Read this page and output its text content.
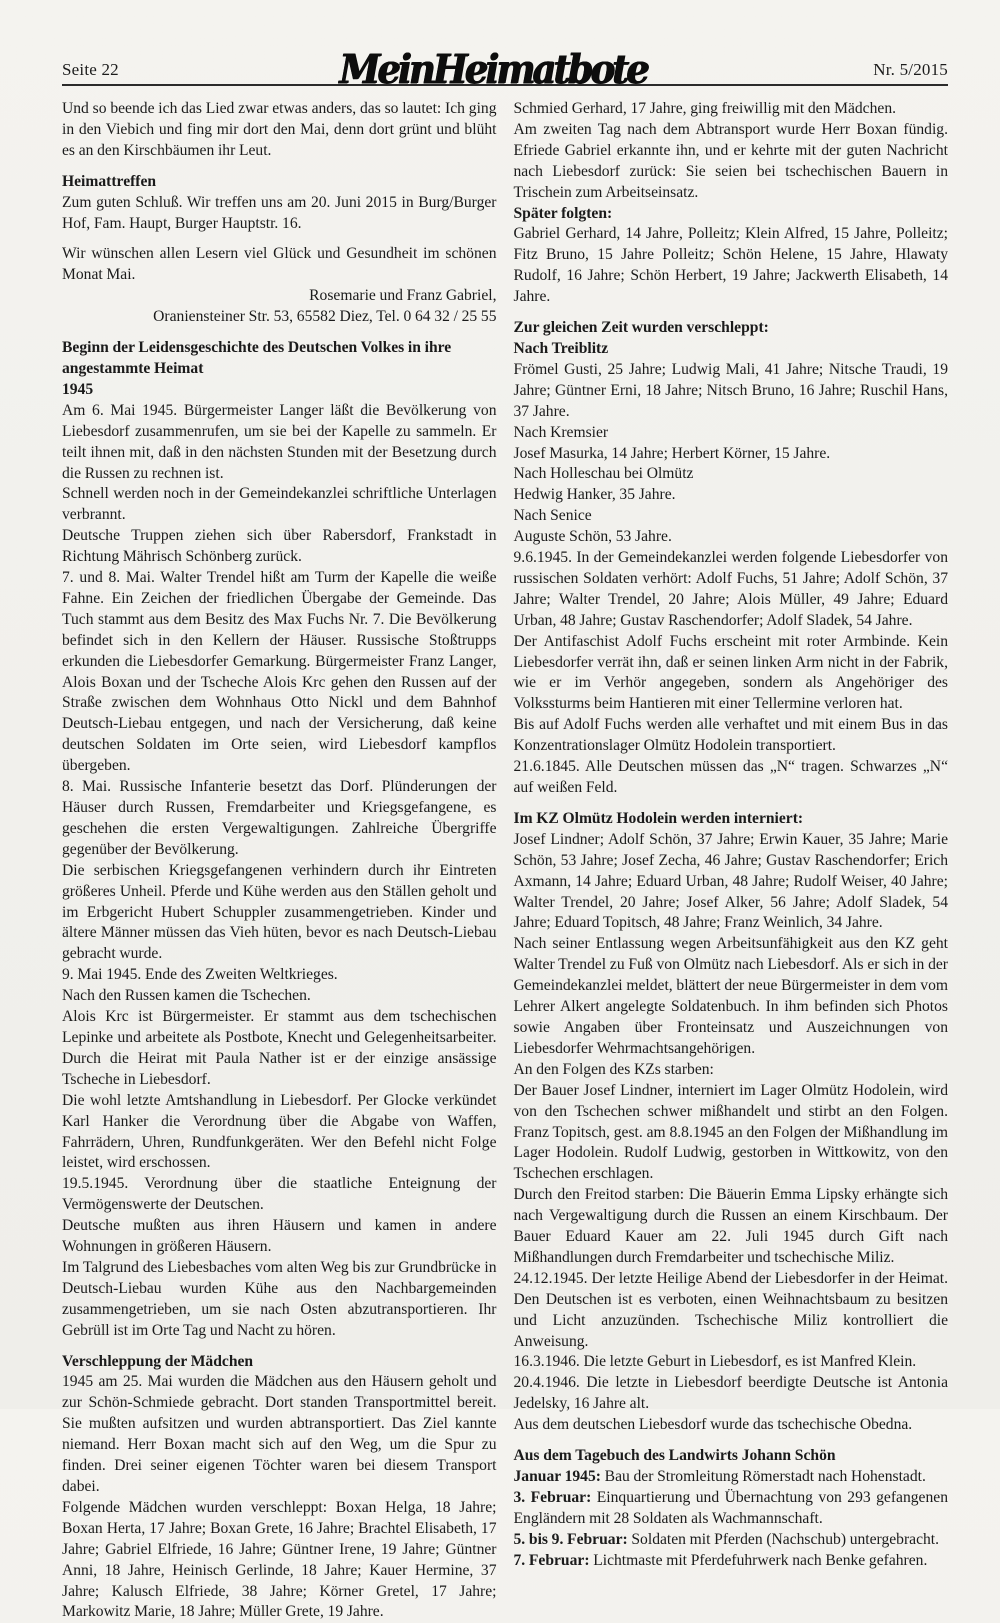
Seite 22	MeinHeimatbote	Nr. 5/2015

Und so beende ich das Lied zwar etwas anders, das so lautet: Ich ging in den Viebich und fing mir dort den Mai, denn dort grünt und blüht es an den Kirschbäumen ihr Leut.

Heimattreffen

Zum guten Schluß. Wir treffen uns am 20. Juni 2015 in Burg/Burger Hof, Fam. Haupt, Burger Hauptstr. 16.

Wir wünschen allen Lesern viel Glück und Gesundheit im schönen Monat Mai.

Rosemarie und Franz Gabriel,
Oraniensteiner Str. 53, 65582 Diez, Tel. 0 64 32 / 25 55

Beginn der Leidensgeschichte des Deutschen Volkes in ihre angestammte Heimat
1945

Am 6. Mai 1945. Bürgermeister Langer läßt die Bevölkerung von Liebesdorf zusammenrufen, um sie bei der Kapelle zu sammeln. Er teilt ihnen mit, daß in den nächsten Stunden mit der Besetzung durch die Russen zu rechnen ist.

Schnell werden noch in der Gemeindekanzlei schriftliche Unterlagen verbrannt.

Deutsche Truppen ziehen sich über Rabersdorf, Frankstadt in Richtung Mährisch Schönberg zurück.

7. und 8. Mai. Walter Trendel hißt am Turm der Kapelle die weiße Fahne. Ein Zeichen der friedlichen Übergabe der Gemeinde. Das Tuch stammt aus dem Besitz des Max Fuchs Nr. 7. Die Bevölkerung befindet sich in den Kellern der Häuser. Russische Stoßtrupps erkunden die Liebesdorfer Gemarkung. Bürgermeister Franz Langer, Alois Boxan und der Tscheche Alois Krc gehen den Russen auf der Straße zwischen dem Wohnhaus Otto Nickl und dem Bahnhof Deutsch-Liebau entgegen, und nach der Versicherung, daß keine deutschen Soldaten im Orte seien, wird Liebesdorf kampflos übergeben.

8. Mai. Russische Infanterie besetzt das Dorf. Plünderungen der Häuser durch Russen, Fremdarbeiter und Kriegsgefangene, es geschehen die ersten Vergewaltigungen. Zahlreiche Übergriffe gegenüber der Bevölkerung.

Die serbischen Kriegsgefangenen verhindern durch ihr Eintreten größeres Unheil. Pferde und Kühe werden aus den Ställen geholt und im Erbgericht Hubert Schuppler zusammengetrieben. Kinder und ältere Männer müssen das Vieh hüten, bevor es nach Deutsch-Liebau gebracht wurde.

9. Mai 1945. Ende des Zweiten Weltkrieges.

Nach den Russen kamen die Tschechen.

Alois Krc ist Bürgermeister. Er stammt aus dem tschechischen Lepinke und arbeitete als Postbote, Knecht und Gelegenheitsarbeiter. Durch die Heirat mit Paula Nather ist er der einzige ansässige Tscheche in Liebesdorf.

Die wohl letzte Amtshandlung in Liebesdorf. Per Glocke verkündet Karl Hanker die Verordnung über die Abgabe von Waffen, Fahrrädern, Uhren, Rundfunkgeräten. Wer den Befehl nicht Folge leistet, wird erschossen.

19.5.1945. Verordnung über die staatliche Enteignung der Vermögenswerte der Deutschen.

Deutsche mußten aus ihren Häusern und kamen in andere Wohnungen in größeren Häusern.

Im Talgrund des Liebesbaches vom alten Weg bis zur Grundbrücke in Deutsch-Liebau wurden Kühe aus den Nachbargemeinden zusammengetrieben, um sie nach Osten abzutransportieren. Ihr Gebrüll ist im Orte Tag und Nacht zu hören.

Verschleppung der Mädchen

1945 am 25. Mai wurden die Mädchen aus den Häusern geholt und zur Schön-Schmiede gebracht. Dort standen Transportmittel bereit. Sie mußten aufsitzen und wurden abtransportiert. Das Ziel kannte niemand. Herr Boxan macht sich auf den Weg, um die Spur zu finden. Drei seiner eigenen Töchter waren bei diesem Transport dabei.

Folgende Mädchen wurden verschleppt: Boxan Helga, 18 Jahre; Boxan Herta, 17 Jahre; Boxan Grete, 16 Jahre; Brachtel Elisabeth, 17 Jahre; Gabriel Elfriede, 16 Jahre; Güntner Irene, 19 Jahre; Güntner Anni, 18 Jahre, Heinisch Gerlinde, 18 Jahre; Kauer Hermine, 37 Jahre; Kalusch Elfriede, 38 Jahre; Körner Gretel, 17 Jahre; Markowitz Marie, 18 Jahre; Müller Grete, 19 Jahre.

Schmied Gerhard, 17 Jahre, ging freiwillig mit den Mädchen.

Am zweiten Tag nach dem Abtransport wurde Herr Boxan fündig. Efriede Gabriel erkannte ihn, und er kehrte mit der guten Nachricht nach Liebesdorf zurück: Sie seien bei tschechischen Bauern in Trischein zum Arbeitseinsatz.

Später folgten:

Gabriel Gerhard, 14 Jahre, Polleitz; Klein Alfred, 15 Jahre, Polleitz; Fitz Bruno, 15 Jahre Polleitz; Schön Helene, 15 Jahre, Hlawaty Rudolf, 16 Jahre; Schön Herbert, 19 Jahre; Jackwerth Elisabeth, 14 Jahre.

Zur gleichen Zeit wurden verschleppt:
Nach Treiblitz

Frömel Gusti, 25 Jahre; Ludwig Mali, 41 Jahre; Nitsche Traudi, 19 Jahre; Güntner Erni, 18 Jahre; Nitsch Bruno, 16 Jahre; Ruschil Hans, 37 Jahre.

Nach Kremsier

Josef Masurka, 14 Jahre; Herbert Körner, 15 Jahre.

Nach Holleschau bei Olmütz

Hedwig Hanker, 35 Jahre.

Nach Senice

Auguste Schön, 53 Jahre.

9.6.1945. In der Gemeindekanzlei werden folgende Liebesdorfer von russischen Soldaten verhört: Adolf Fuchs, 51 Jahre; Adolf Schön, 37 Jahre; Walter Trendel, 20 Jahre; Alois Müller, 49 Jahre; Eduard Urban, 48 Jahre; Gustav Raschendorfer; Adolf Sladek, 54 Jahre.

Der Antifaschist Adolf Fuchs erscheint mit roter Armbinde. Kein Liebesdorfer verrät ihn, daß er seinen linken Arm nicht in der Fabrik, wie er im Verhör angegeben, sondern als Angehöriger des Volkssturms beim Hantieren mit einer Tellermine verloren hat.

Bis auf Adolf Fuchs werden alle verhaftet und mit einem Bus in das Konzentrationslager Olmütz Hodolein transportiert.

21.6.1845. Alle Deutschen müssen das „N“ tragen. Schwarzes „N“ auf weißen Feld.

Im KZ Olmütz Hodolein werden interniert:

Josef Lindner; Adolf Schön, 37 Jahre; Erwin Kauer, 35 Jahre; Marie Schön, 53 Jahre; Josef Zecha, 46 Jahre; Gustav Raschendorfer; Erich Axmann, 14 Jahre; Eduard Urban, 48 Jahre; Rudolf Weiser, 40 Jahre; Walter Trendel, 20 Jahre; Josef Alker, 56 Jahre; Adolf Sladek, 54 Jahre; Eduard Topitsch, 48 Jahre; Franz Weinlich, 34 Jahre.

Nach seiner Entlassung wegen Arbeitsunfähigkeit aus den KZ geht Walter Trendel zu Fuß von Olmütz nach Liebesdorf. Als er sich in der Gemeindekanzlei meldet, blättert der neue Bürgermeister in dem vom Lehrer Alkert angelegte Soldatenbuch. In ihm befinden sich Photos sowie Angaben über Fronteinsatz und Auszeichnungen von Liebesdorfer Wehrmachtsangehörigen.

An den Folgen des KZs starben:

Der Bauer Josef Lindner, interniert im Lager Olmütz Hodolein, wird von den Tschechen schwer mißhandelt und stirbt an den Folgen. Franz Topitsch, gest. am 8.8.1945 an den Folgen der Mißhandlung im Lager Hodolein. Rudolf Ludwig, gestorben in Wittkowitz, von den Tschechen erschlagen.

Durch den Freitod starben: Die Bäuerin Emma Lipsky erhängte sich nach Vergewaltigung durch die Russen an einem Kirschbaum. Der Bauer Eduard Kauer am 22. Juli 1945 durch Gift nach Mißhandlungen durch Fremdarbeiter und tschechische Miliz.

24.12.1945. Der letzte Heilige Abend der Liebesdorfer in der Heimat. Den Deutschen ist es verboten, einen Weihnachtsbaum zu besitzen und Licht anzuzünden. Tschechische Miliz kontrolliert die Anweisung.

16.3.1946. Die letzte Geburt in Liebesdorf, es ist Manfred Klein.

20.4.1946. Die letzte in Liebesdorf beerdigte Deutsche ist Antonia Jedelsky, 16 Jahre alt.

Aus dem deutschen Liebesdorf wurde das tschechische Obedna.

Aus dem Tagebuch des Landwirts Johann Schön

Januar 1945: Bau der Stromleitung Römerstadt nach Hohenstadt.

3. Februar: Einquartierung und Übernachtung von 293 gefangenen Engländern mit 28 Soldaten als Wachmannschaft.

5. bis 9. Februar: Soldaten mit Pferden (Nachschub) untergebracht.

7. Februar: Lichtmaste mit Pferdefuhrwerk nach Benke gefahren.
